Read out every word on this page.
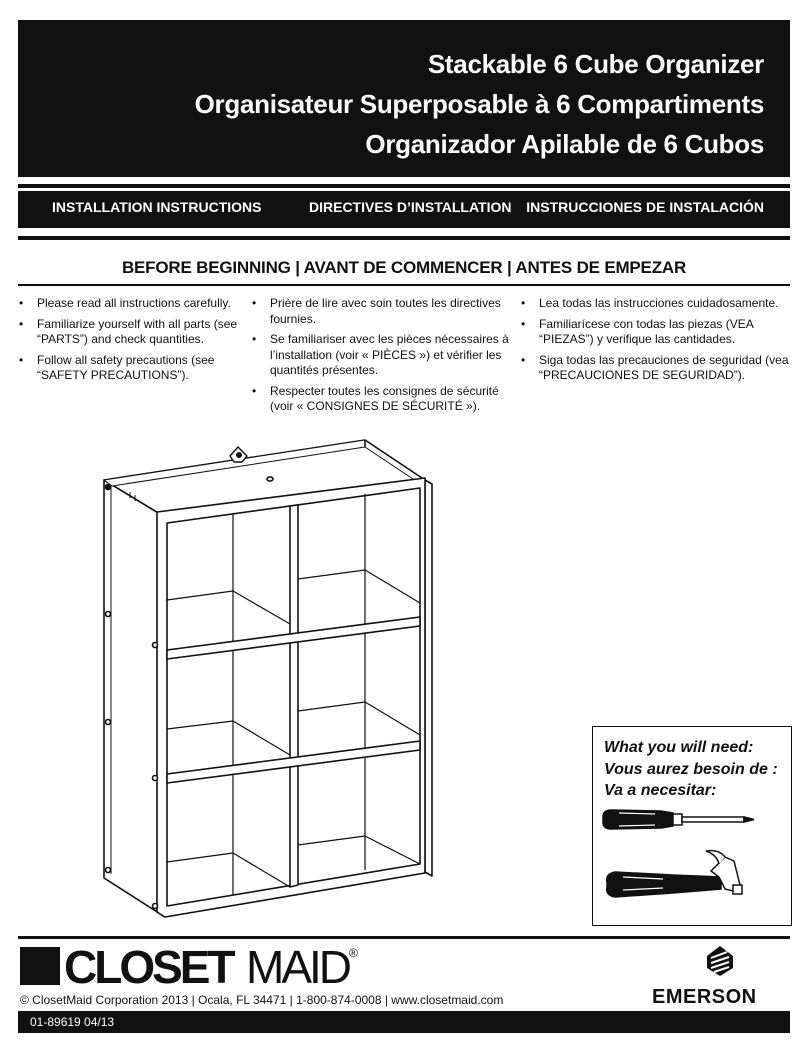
Stackable 6 Cube Organizer
Organisateur Superposable à 6 Compartiments
Organizador Apilable de 6 Cubos
INSTALLATION INSTRUCTIONS	DIRECTIVES D’INSTALLATION INSTRUCCIONES DE INSTALACIÓN
BEFORE BEGINNING | AVANT DE COMMENCER | ANTES DE EMPEZAR
• Please read all instructions carefully.
• Familiarize yourself with all parts (see “PARTS”) and check quantities.
• Follow all safety precautions (see “SAFETY PRECAUTIONS”).
• Prière de lire avec soin toutes les directives fournies.
• Se familiariser avec les pièces nécessaires à l’installation (voir « PIÈCES ») et vérifier les quantités présentes.
• Respecter toutes les consignes de sécurité (voir « CONSIGNES DE SÉCURITÉ »).
• Lea todas las instrucciones cuidadosamente.
• Familiarícese con todas las piezas (VEA “PIEZAS”) y verifique las cantidades.
• Siga todas las precauciones de seguridad (vea “PRECAUCIONES DE SEGURIDAD”).
What you will need:
Vous aurez besoin de :
Va a necesitar:
CLOSET MAID ®
© ClosetMaid Corporation 2013 | Ocala, FL 34471 | 1-800-874-0008 | www.closetmaid.com	EMERSON
01-89619 04/13
